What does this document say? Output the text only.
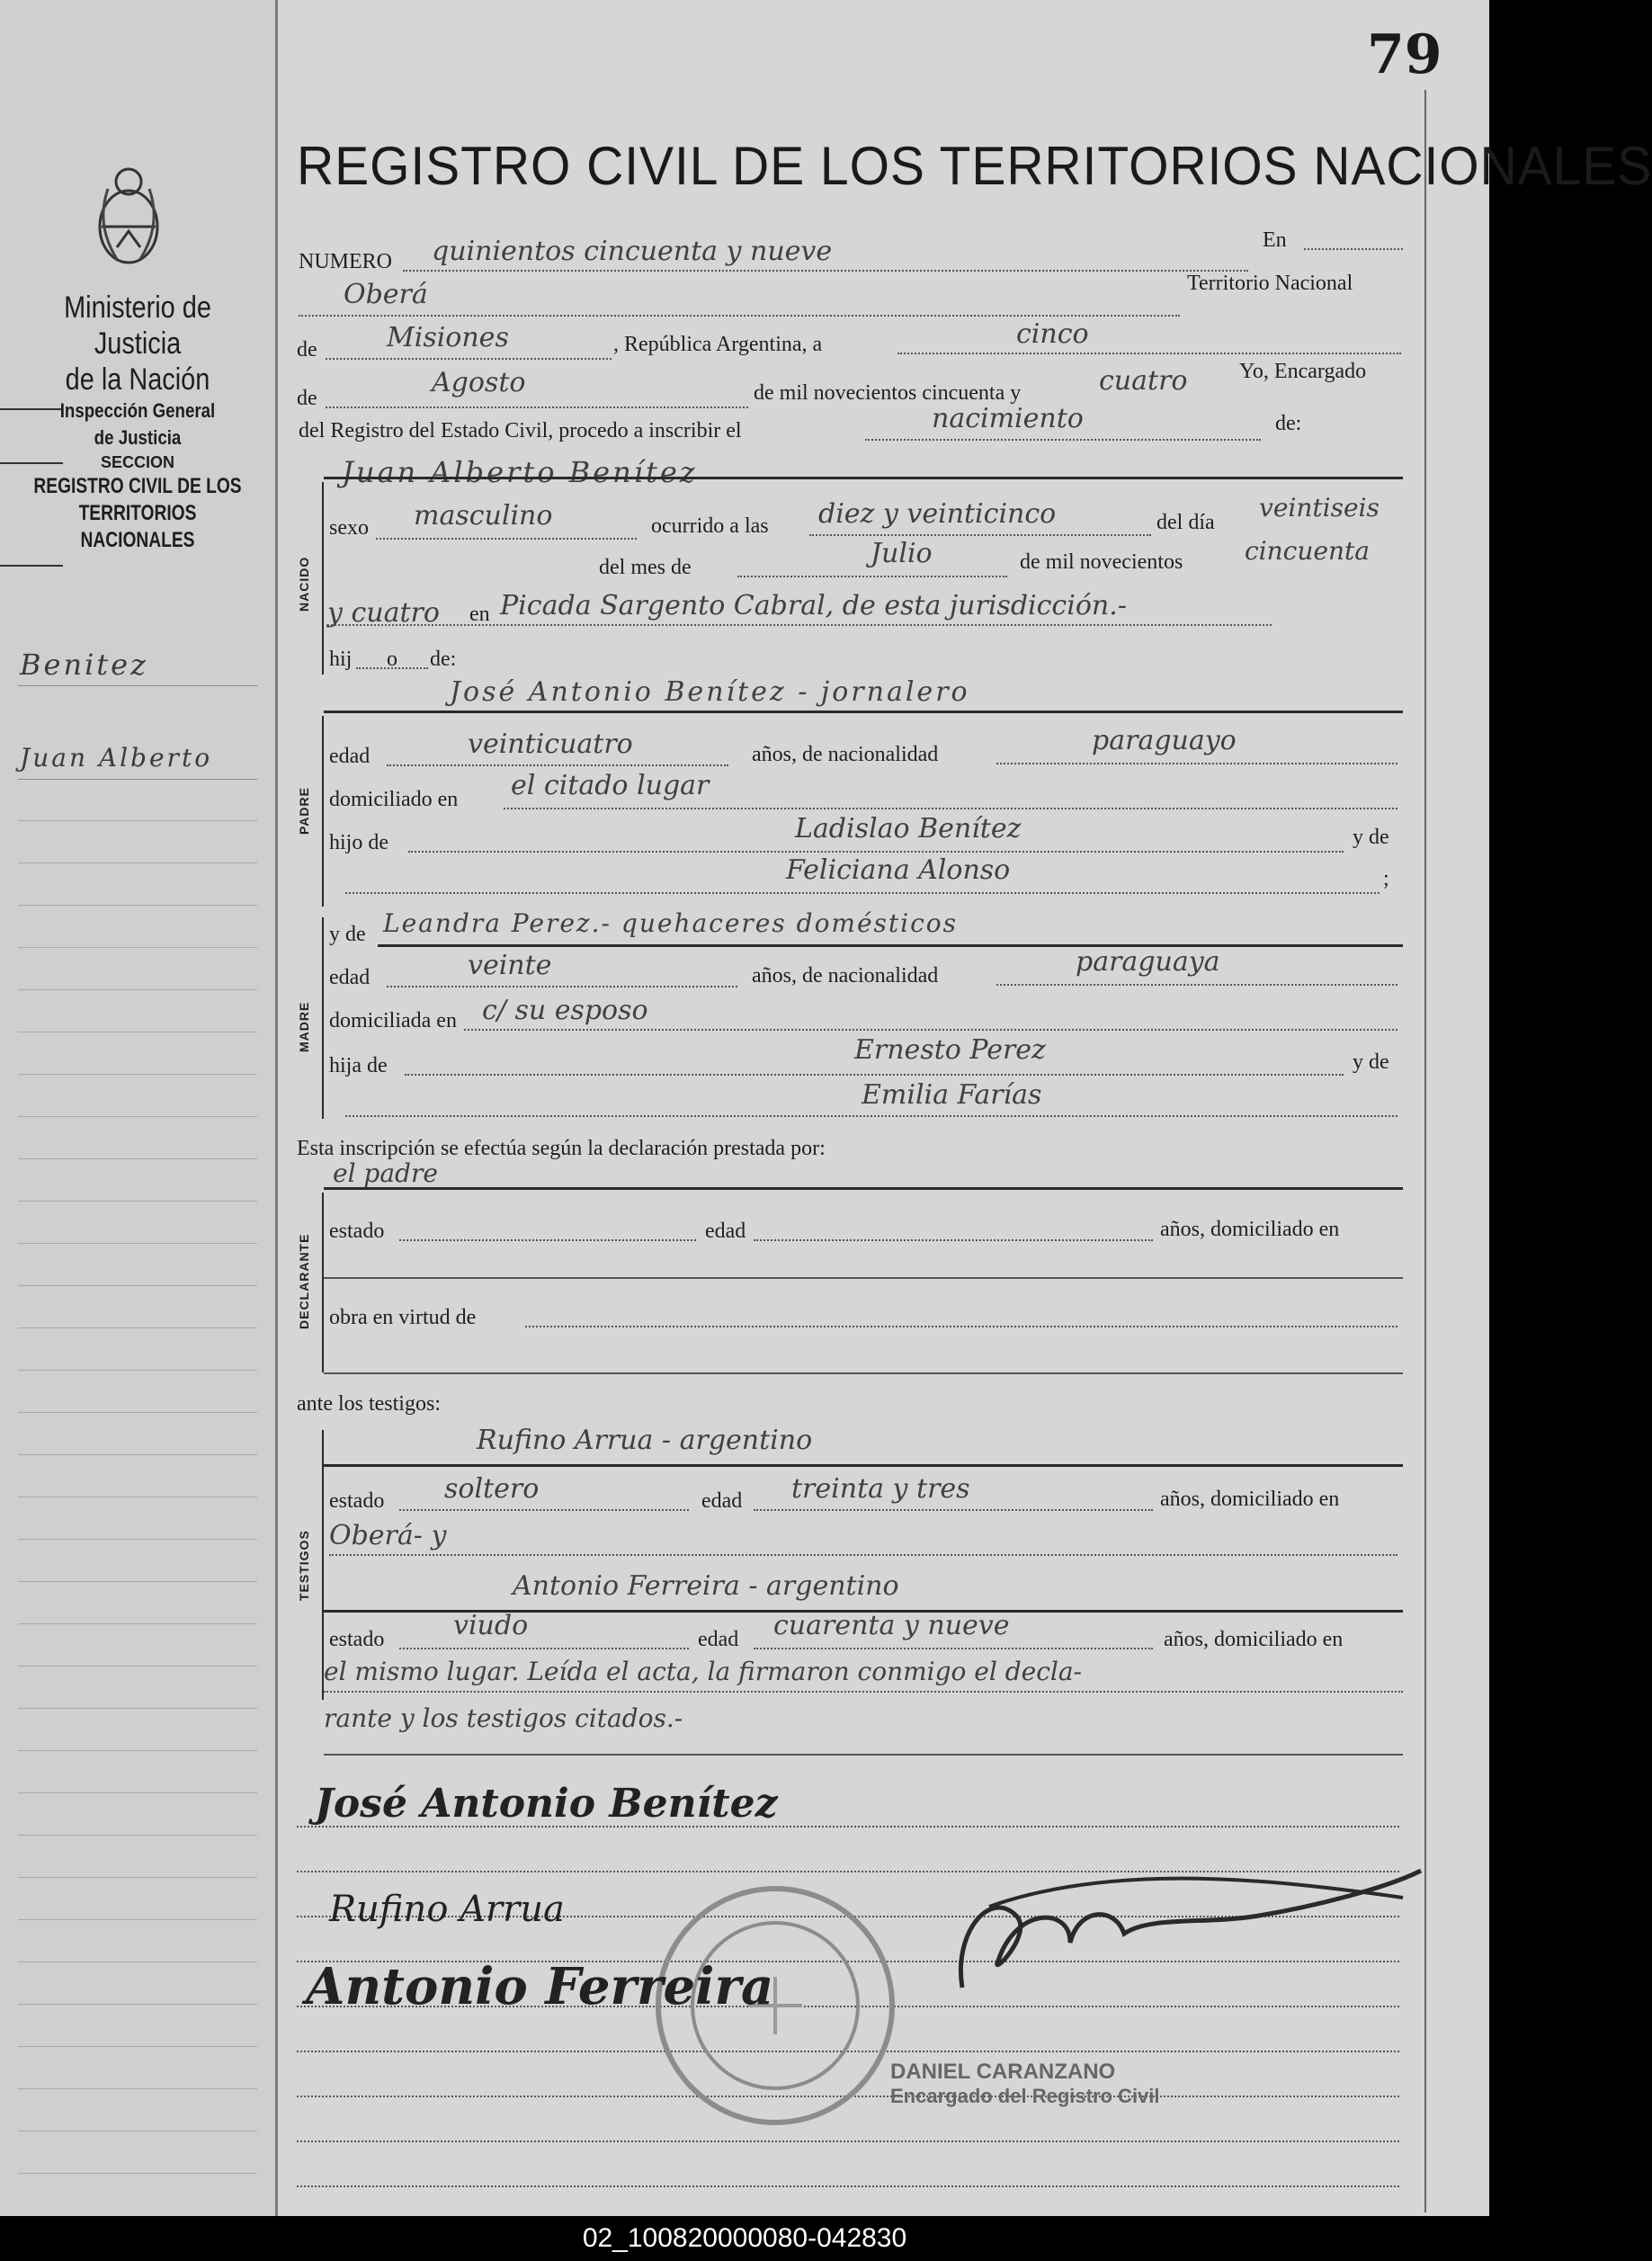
Ministerio de Justicia
de la Nación
Inspección General
de Justicia
SECCION
REGISTRO CIVIL DE LOS
TERRITORIOS NACIONALES
Benitez
Juan Alberto
79
REGISTRO CIVIL DE LOS TERRITORIOS NACIONALES
NUMERO quinientos cincuenta y nueve	En
Oberá	Territorio Nacional
de	Misiones	, República Argentina, a	cinco
de	Agosto	de mil novecientos cincuenta y	cuatro Yo, Encargado
del Registro del Estado Civil, procedo a inscribir el	nacimiento	de:
Juan Alberto Benítez
NACIDO
sexo masculino	ocurrido a las diez y veinticinco	del día veintiseis
del mes de	Julio	de mil novecientos cincuenta
y cuatro en Picada Sargento Cabral, de esta jurisdicción.-
hij o de:
José Antonio Benítez - jornalero
PADRE
edad	veinticuatro	años, de nacionalidad	paraguayo
domiciliado en el citado lugar
hijo de	Ladislao Benítez	y de
Feliciana Alonso	;
MADRE
y de Leandra Perez.- quehaceres domésticos
edad	veinte	años, de nacionalidad	paraguaya
domiciliada en c/ su esposo
hija de	Ernesto Perez	y de
Emilia Farías
Esta inscripción se efectúa según la declaración prestada por:
el padre
DECLARANTE
estado	edad	años, domiciliado en
obra en virtud de
ante los testigos:
TESTIGOS
Rufino Arrua - argentino
estado soltero	edad treinta y tres	años, domiciliado en
Oberá- y
Antonio Ferreira - argentino
estado	viudo	edad cuarenta y nueve	años, domiciliado en
el mismo lugar. Leída el acta, la firmaron conmigo el decla-
rante y los testigos citados.-
José Antonio Benítez
Rufino Arrua
Antonio Ferreira
DANIEL CARANZANO
Encargado del Registro Civil
02_100820000080-042830
